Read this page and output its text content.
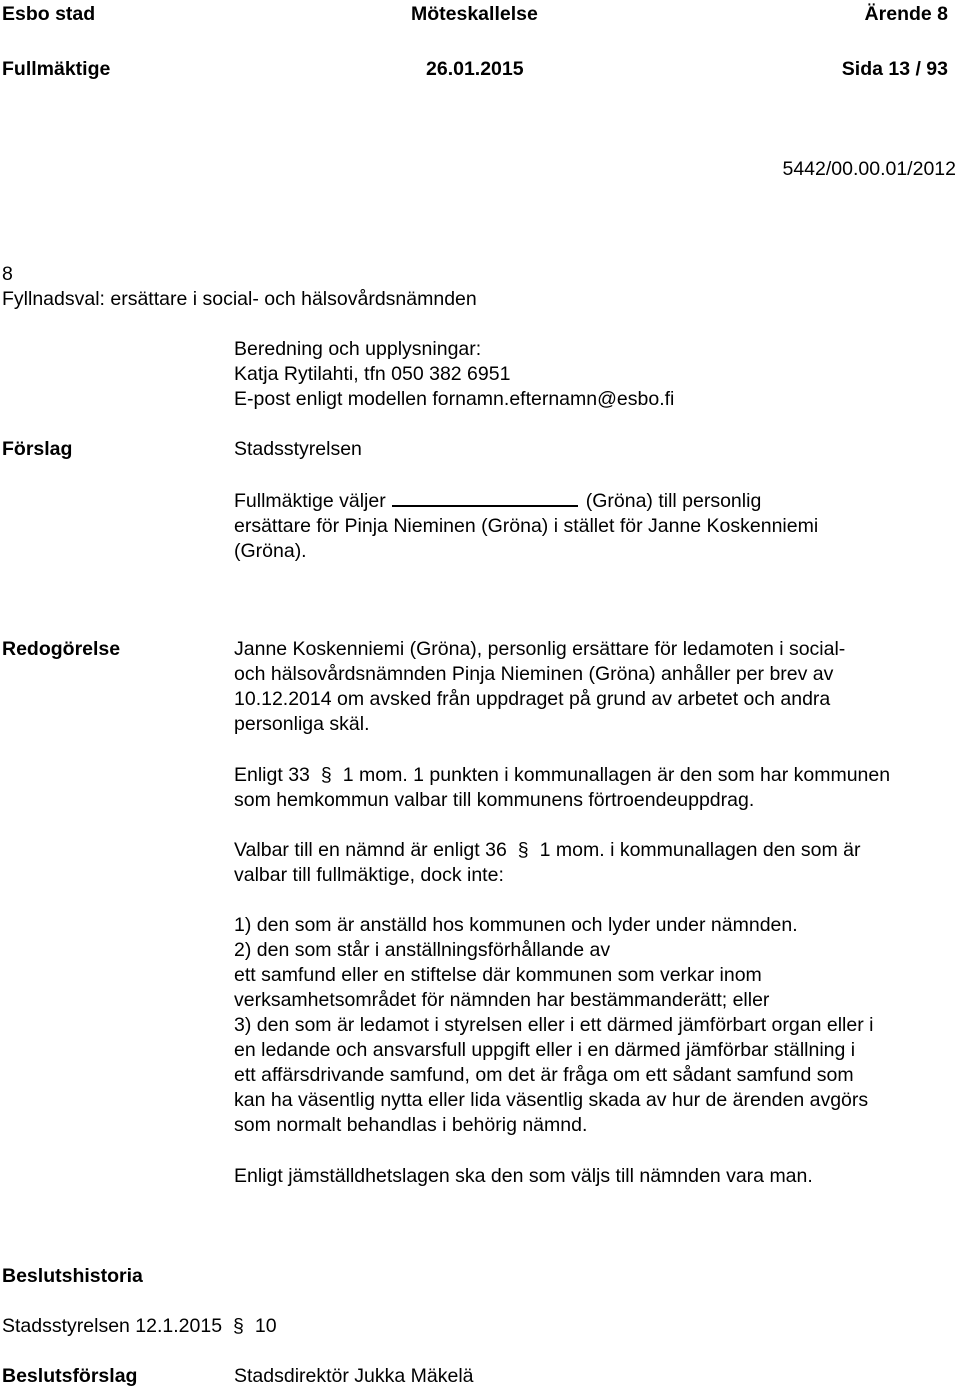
Esbo stad	Möteskallelse	Ärende 8
Fullmäktige	26.01.2015	Sida 13 / 93
5442/00.00.01/2012
8
Fyllnadsval: ersättare i social- och hälsovårdsnämnden
Beredning och upplysningar:
Katja Rytilahti, tfn 050 382 6951
E-post enligt modellen fornamn.efternamn@esbo.fi
Förslag	Stadsstyrelsen
Fullmäktige väljer	(Gröna) till personlig
ersättare för Pinja Nieminen (Gröna) i stället för Janne Koskenniemi
(Gröna).
Redogörelse	Janne Koskenniemi (Gröna), personlig ersättare för ledamoten i social-
och hälsovårdsnämnden Pinja Nieminen (Gröna) anhåller per brev av
10.12.2014 om avsked från uppdraget på grund av arbetet och andra
personliga skäl.
Enligt 33 § 1 mom. 1 punkten i kommunallagen är den som har kommunen
som hemkommun valbar till kommunens förtroendeuppdrag.
Valbar till en nämnd är enligt 36 § 1 mom. i kommunallagen den som är
valbar till fullmäktige, dock inte:
1) den som är anställd hos kommunen och lyder under nämnden.
2) den som står i anställningsförhållande av
ett samfund eller en stiftelse där kommunen som verkar inom
verksamhetsområdet för nämnden har bestämmanderätt; eller
3) den som är ledamot i styrelsen eller i ett därmed jämförbart organ eller i
en ledande och ansvarsfull uppgift eller i en därmed jämförbar ställning i
ett affärsdrivande samfund, om det är fråga om ett sådant samfund som
kan ha väsentlig nytta eller lida väsentlig skada av hur de ärenden avgörs
som normalt behandlas i behörig nämnd.
Enligt jämställdhetslagen ska den som väljs till nämnden vara man.
Beslutshistoria
Stadsstyrelsen 12.1.2015 § 10
Beslutsförslag	Stadsdirektör Jukka Mäkelä
